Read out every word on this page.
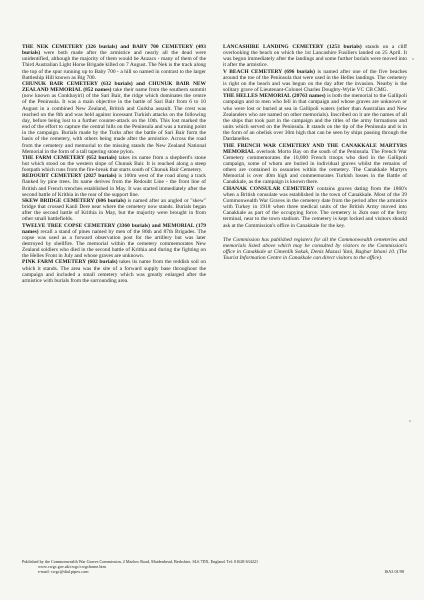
THE NEK CEMETERY (326 burials) and BABY 700 CEMETERY (493 burials) were both made after the armistice and nearly all the dead were unidentified, although the majority of them would be Anzacs - many of them of the Third Australian Light Horse Brigade killed on 7 August. The Nek is the track along the top of the spur running up to Baby 700 - a hill so named in contrast to the larger Battleship Hill known as Big 700.

CHUNUK BAIR CEMETERY (632 burials) and CHUNUK BAIR NEW ZEALAND MEMORIAL (852 names) take their name from the southern summit (now known as Conkbayiri) of the Sari Bair, the ridge which dominates the centre of the Peninsula. It was a main objective in the battle of Sari Bair from 6 to 10 August in a combined New Zealand, British and Gurkha assault. The crest was reached on the 8th and was held against incessant Turkish attacks on the following day, before being lost to a further counter-attack on the 10th. This lost marked the end of the effort to capture the central hills on the Peninsula and was a turning point in the campaign. Burials made by the Turks after the battle of Sari Bair form the basis of the cemetery, with others being made after the armistice. Across the road from the cemetery and memorial to the missing stands the New Zealand National Memorial in the form of a tall tapering stone pylon.

THE FARM CEMETERY (652 burials) takes its name from a shepherd's stone hut which stood on the western slope of Chunuk Bair. It is reached along a steep footpath which runs from the fire-break that starts south of Chunuk Bair Cemetery.

REDOUBT CEMETERY (2027 burials) is 100m west of the road along a track flanked by pine trees. Its name derives from the Redoubt Line - the front line of British and French trenches established in May. It was started immediately after the second battle of Krithia in the rear of the support line.

SKEW BRIDGE CEMETERY (606 burials) is named after an angled or "skew" bridge that crossed Kanli Dere near where the cemetery now stands. Burials began after the second battle of Krithia in May, but the majority were brought in from other small battlefields.

TWELVE TREE COPSE CEMETERY (3360 burials) and MEMORIAL (179 names) recall a stand of pines named by men of the 86th and 87th Brigades. The copse was used as a forward observation post for the artillery but was later destroyed by shellfire. The memorial within the cemetery commemorates New Zealand soldiers who died in the second battle of Krithia and during the fighting on the Helles Front in July and whose graves are unknown.

PINK FARM CEMETERY (602 burials) takes its name from the reddish soil on which it stands. The area was the site of a forward supply base throughout the campaign and included a small cemetery which was greatly enlarged after the armistice with burials from the surrounding area.

LANCASHIRE LANDING CEMETERY (1253 burials) stands on a cliff overlooking the beach on which the 1st Lancashire Fusiliers landed on 25 April. It was begun immediately after the landings and some further burials were moved into it after the armistice.

V BEACH CEMETERY (696 burials) is named after one of the five beaches around the toe of the Peninsula that were used in the Helles landings. The cemetery is right on the beach and was begun on the day after the invasion. Nearby is the solitary grave of Lieutenant-Colonel Charles Doughty-Wylie VC CB CMG.

THE HELLES MEMORIAL (20763 names) is both the memorial to the Gallipoli campaign and to men who fell in that campaign and whose graves are unknown or who were lost or buried at sea in Gallipoli waters (other than Australian and New Zealanders who are named on other memorials). Inscribed on it are the names of all the ships that took part in the campaign and the titles of the army formations and units which served on the Peninsula. It stands on the tip of the Peninsula and is in the form of an obelisk over 30m high that can be seen by ships passing through the Dardanelles.

THE FRENCH WAR CEMETERY AND THE CANAKKALE MARTYRS MEMORIAL overlook Morto Bay on the south of the Peninsula. The French War Cemetery commemorates the 10,000 French troops who died in the Gallipoli campaign, some of whom are buried in individual graves whilst the remains of others are contained in ossuaries within the cemetery. The Canakkale Martyrs Memorial is over 40m high and commemorates Turkish losses in the Battle of Canakkale, as the campaign is known there.

CHANAK CONSULAR CEMETERY contains graves dating from the 1860's when a British consulate was established in the town of Canakkale. Most of the 39 Commonwealth War Graves in the cemetery date from the period after the armistice with Turkey in 1918 when three medical units of the British Army moved into Canakkale as part of the occupying force. The cemetery is 2km east of the ferry terminal, near to the town stadium. The cemetery is kept locked and visitors should ask at the Commission's office in Canakkale for the key.

The Commission has published registers for all the Commonwealth cemeteries and memorials listed above which may be consulted by visitors to the Commission's office in Canakkale at Cimenlik Sokak, Deniz Mazasi Yani, Baghar Izhani 10. (The Tourist Information Centre in Canakkale can direct visitors to the office).

Published by the Commonwealth War Graves Commission, 2 Marlow Road, Maidenhead, Berkshire, SL6 7DX, England. Tel: 01628 634221
www.cwgc.gov.uk/cwgc/cwgchome.htm
e-mail: cwgc@dial.pipex.com	ISA3 01/98
